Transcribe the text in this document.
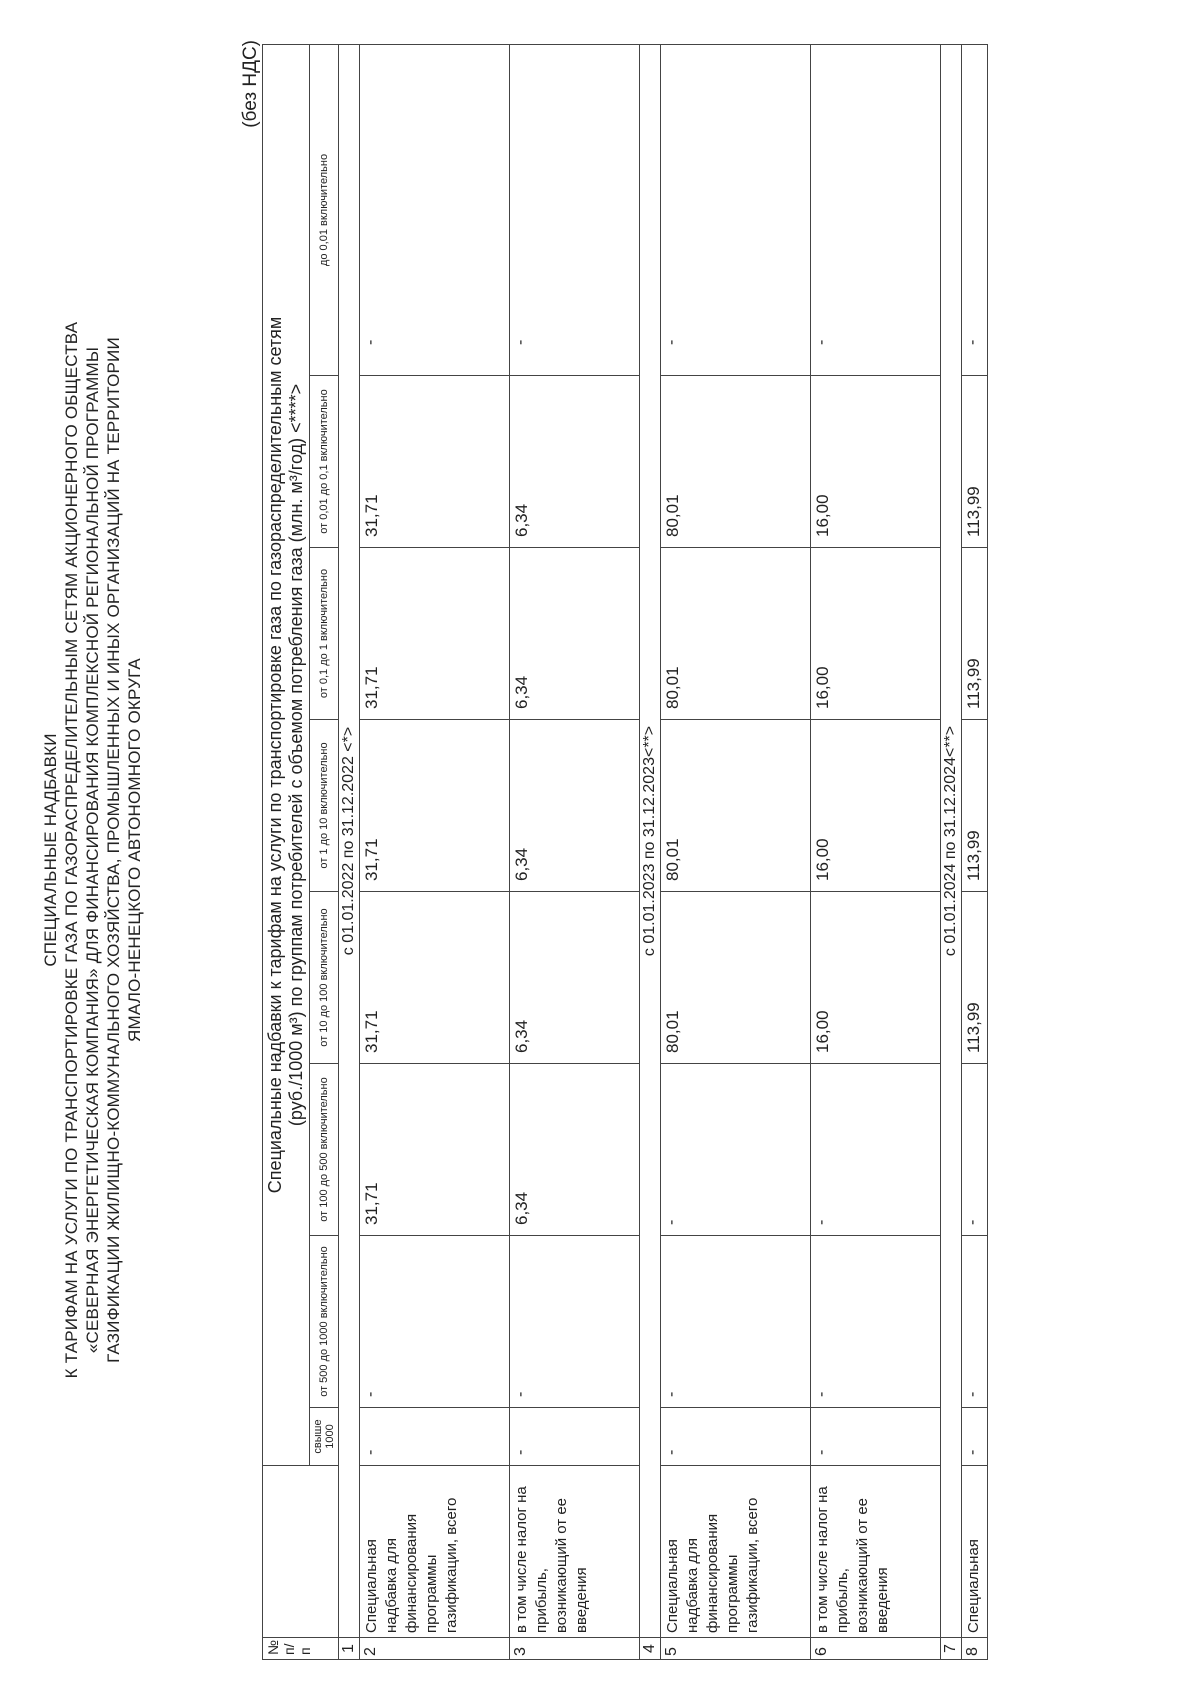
СПЕЦИАЛЬНЫЕ НАДБАВКИ К ТАРИФАМ НА УСЛУГИ ПО ТРАНСПОРТИРОВКЕ ГАЗА ПО ГАЗОРАСПРЕДЕЛИТЕЛЬНЫМ СЕТЯМ АКЦИОНЕРНОГО ОБЩЕСТВА «СЕВЕРНАЯ ЭНЕРГЕТИЧЕСКАЯ КОМПАНИЯ» ДЛЯ ФИНАНСИРОВАНИЯ КОМПЛЕКСНОЙ РЕГИОНАЛЬНОЙ ПРОГРАММЫ ГАЗИФИКАЦИИ ЖИЛИЩНО-КОММУНАЛЬНОГО ХОЗЯЙСТВА, ПРОМЫШЛЕННЫХ И ИНЫХ ОРГАНИЗАЦИЙ НА ТЕРРИТОРИИ ЯМАЛО-НЕНЕЦКОГО АВТОНОМНОГО ОКРУГА
(без НДС)
№ п/п		Специальные надбавки к тарифам на услуги по транспортировке газа по газораспределительным сетям							
		(руб./1000 м³) по группам потребителей с объемом потребления газа (млн. м³/год) <****>							
		свыше 1000	от 500 до 1000 включительно	от 100 до 500 включительно	от 10 до 100 включительно	от 1 до 10 включительно	от 0,1 до 1 включительно	от 0,01 до 0,1 включительно	до 0,01 включительно
1	с 01.01.2022 по 31.12.2022 <*>								
2	Специальная надбавка для финансирования программы газификации, всего	-	-	31,71	31,71	31,71	31,71	31,71	-
3	в том числе налог на прибыль, возникающий от ее введения	-	-	6,34	6,34	6,34	6,34	6,34	-
4	с 01.01.2023 по 31.12.2023<**>								
5	Специальная надбавка для финансирования программы газификации, всего	-	-	-	80,01	80,01	80,01	80,01	-
6	в том числе налог на прибыль, возникающий от ее введения	-	-	-	16,00	16,00	16,00	16,00	-
7	с 01.01.2024 по 31.12.2024<**>								
8	Специальная	-	-	-	113,99	113,99	113,99	113,99	-
